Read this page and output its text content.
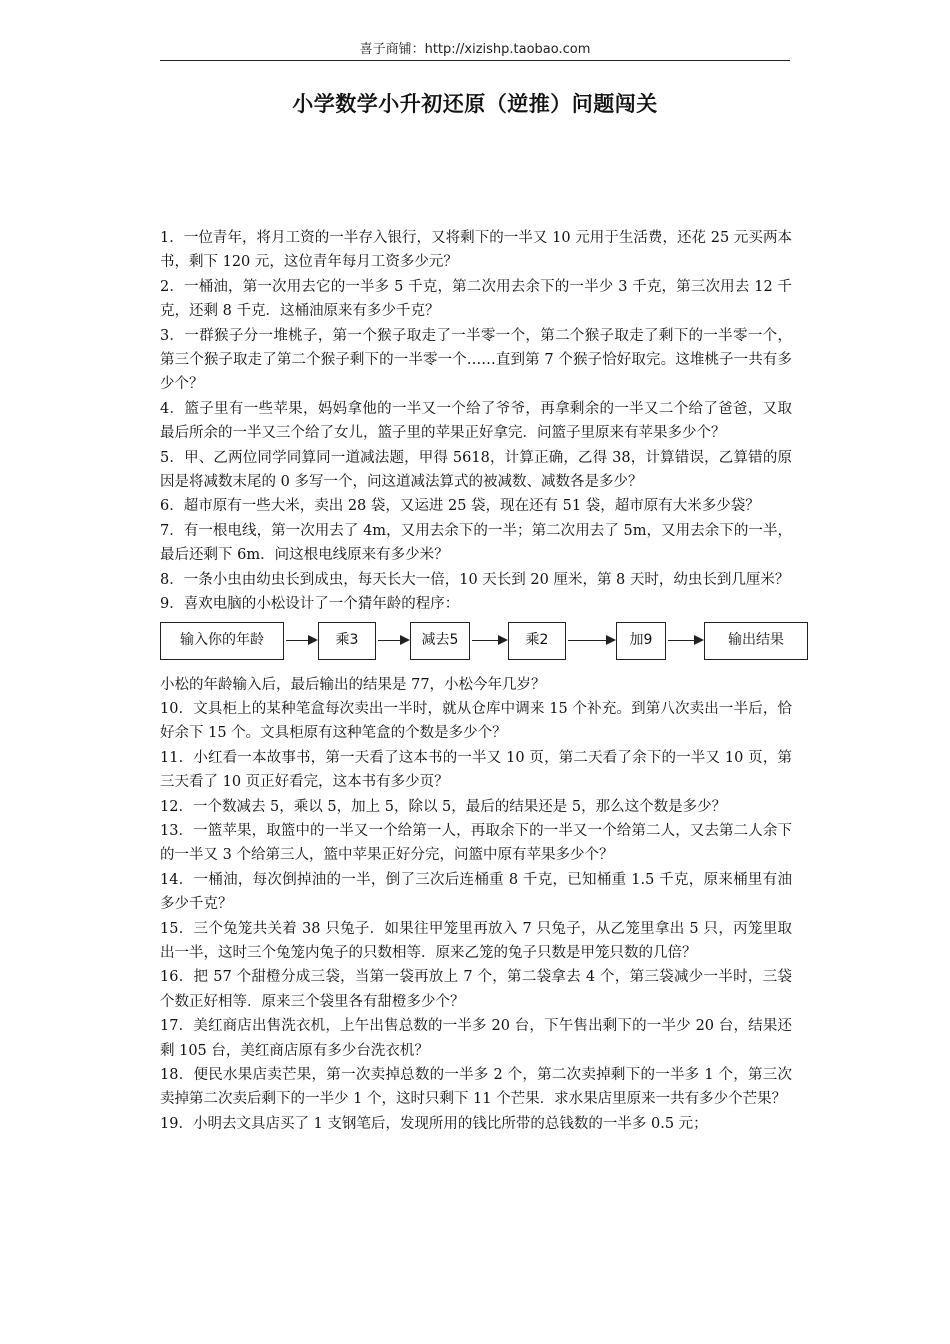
喜子商铺：http://xizishp.taobao.com
小学数学小升初还原（逆推）问题闯关

1．一位青年，将月工资的一半存入银行，又将剩下的一半又 10 元用于生活费，还花 25 元买两本书，剩下 120 元，这位青年每月工资多少元？

2．一桶油，第一次用去它的一半多 5 千克，第二次用去余下的一半少 3 千克，第三次用去 12 千克，还剩 8 千克．这桶油原来有多少千克？

3．一群猴子分一堆桃子，第一个猴子取走了一半零一个，第二个猴子取走了剩下的一半零一个，第三个猴子取走了第二个猴子剩下的一半零一个……直到第 7 个猴子恰好取完。这堆桃子一共有多少个？

4．篮子里有一些苹果，妈妈拿他的一半又一个给了爷爷，再拿剩余的一半又二个给了爸爸，又取最后所余的一半又三个给了女儿，篮子里的苹果正好拿完．问篮子里原来有苹果多少个？

5．甲、乙两位同学同算同一道减法题，甲得 5618，计算正确，乙得 38，计算错误，乙算错的原因是将减数末尾的 0 多写一个，问这道减法算式的被减数、减数各是多少？

6．超市原有一些大米，卖出 28 袋，又运进 25 袋，现在还有 51 袋，超市原有大米多少袋？

7．有一根电线，第一次用去了 4m，又用去余下的一半；第二次用去了 5m，又用去余下的一半，最后还剩下 6m．问这根电线原来有多少米？

8．一条小虫由幼虫长到成虫，每天长大一倍，10 天长到 20 厘米，第 8 天时，幼虫长到几厘米？

9．喜欢电脑的小松设计了一个猜年龄的程序：

输入你的年龄	乘3	减去5	乘2	加9	输出结果

小松的年龄输入后，最后输出的结果是 77，小松今年几岁？

10．文具柜上的某种笔盒每次卖出一半时，就从仓库中调来 15 个补充。到第八次卖出一半后，恰好余下 15 个。文具柜原有这种笔盒的个数是多少个？

11．小红看一本故事书，第一天看了这本书的一半又 10 页，第二天看了余下的一半又 10 页，第三天看了 10 页正好看完，这本书有多少页？

12．一个数减去 5，乘以 5，加上 5，除以 5，最后的结果还是 5，那么这个数是多少？

13．一篮苹果，取篮中的一半又一个给第一人，再取余下的一半又一个给第二人，又去第二人余下的一半又 3 个给第三人，篮中苹果正好分完，问篮中原有苹果多少个？

14．一桶油，每次倒掉油的一半，倒了三次后连桶重 8 千克，已知桶重 1.5 千克，原来桶里有油多少千克？

15．三个兔笼共关着 38 只兔子．如果往甲笼里再放入 7 只兔子，从乙笼里拿出 5 只，丙笼里取出一半，这时三个兔笼内兔子的只数相等．原来乙笼的兔子只数是甲笼只数的几倍？

16．把 57 个甜橙分成三袋，当第一袋再放上 7 个，第二袋拿去 4 个，第三袋减少一半时，三袋个数正好相等．原来三个袋里各有甜橙多少个？

17．美红商店出售洗衣机，上午出售总数的一半多 20 台，下午售出剩下的一半少 20 台，结果还剩 105 台，美红商店原有多少台洗衣机？

18．便民水果店卖芒果，第一次卖掉总数的一半多 2 个，第二次卖掉剩下的一半多 1 个，第三次卖掉第二次卖后剩下的一半少 1 个，这时只剩下 11 个芒果．求水果店里原来一共有多少个芒果？

19．小明去文具店买了 1 支钢笔后，发现所用的钱比所带的总钱数的一半多 0.5 元；
